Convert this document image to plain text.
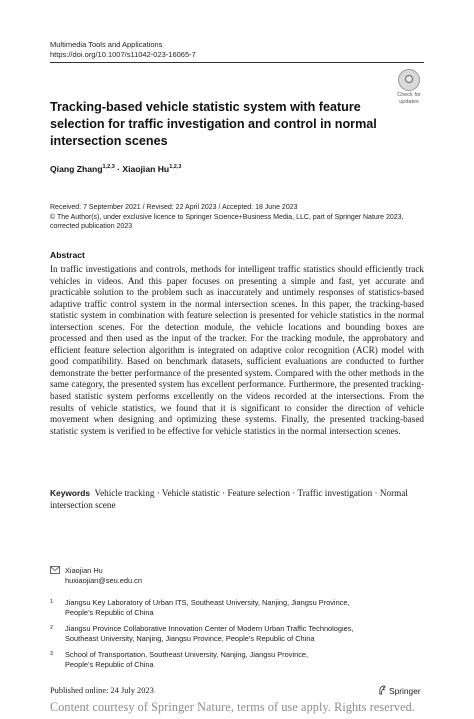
Multimedia Tools and Applications
https://doi.org/10.1007/s11042-023-16065-7
Check for
updates
Tracking-based vehicle statistic system with feature selection for traffic investigation and control in normal intersection scenes
Qiang Zhang$^{1,2,3}$ · Xiaojian Hu$^{1,2,3}$
Received: 7 September 2021 / Revised: 22 April 2023 / Accepted: 18 June 2023
© The Author(s), under exclusive licence to Springer Science+Business Media, LLC, part of Springer Nature 2023, corrected publication 2023
Abstract
In traffic investigations and controls, methods for intelligent traffic statistics should efficiently track vehicles in videos. And this paper focuses on presenting a simple and fast, yet accurate and practicable solution to the problem such as inaccurately and untimely responses of statistics-based adaptive traffic control system in the normal intersection scenes. In this paper, the tracking-based statistic system in combination with feature selection is presented for vehicle statistics in the normal intersection scenes. For the detection module, the vehicle locations and bounding boxes are processed and then used as the input of the tracker. For the tracking module, the approbatory and efficient feature selection algorithm is integrated on adaptive color recognition (ACR) model with good compatibility. Based on benchmark datasets, sufficient evaluations are conducted to further demonstrate the better performance of the presented system. Compared with the other methods in the same category, the presented system has excellent performance. Furthermore, the presented tracking-based statistic system performs excellently on the videos recorded at the intersections. From the results of vehicle statistics, we found that it is significant to consider the direction of vehicle movement when designing and optimizing these systems. Finally, the presented tracking-based statistic system is verified to be effective for vehicle statistics in the normal intersection scenes.
Keywords Vehicle tracking · Vehicle statistic · Feature selection · Traffic investigation · Normal intersection scene
Xiaojian Hu
huxiaojian@seu.edu.cn
1 Jiangsu Key Laboratory of Urban ITS, Southeast University, Nanjing, Jiangsu Province,
People’s Republic of China
2 Jiangsu Province Collaborative Innovation Center of Modern Urban Traffic Technologies,
Southeast University, Nanjing, Jiangsu Province, People’s Republic of China
3 School of Transportation, Southeast University, Nanjing, Jiangsu Province,
People’s Republic of China
Published online: 24 July 2023	Springer
Content courtesy of Springer Nature, terms of use apply. Rights reserved.
